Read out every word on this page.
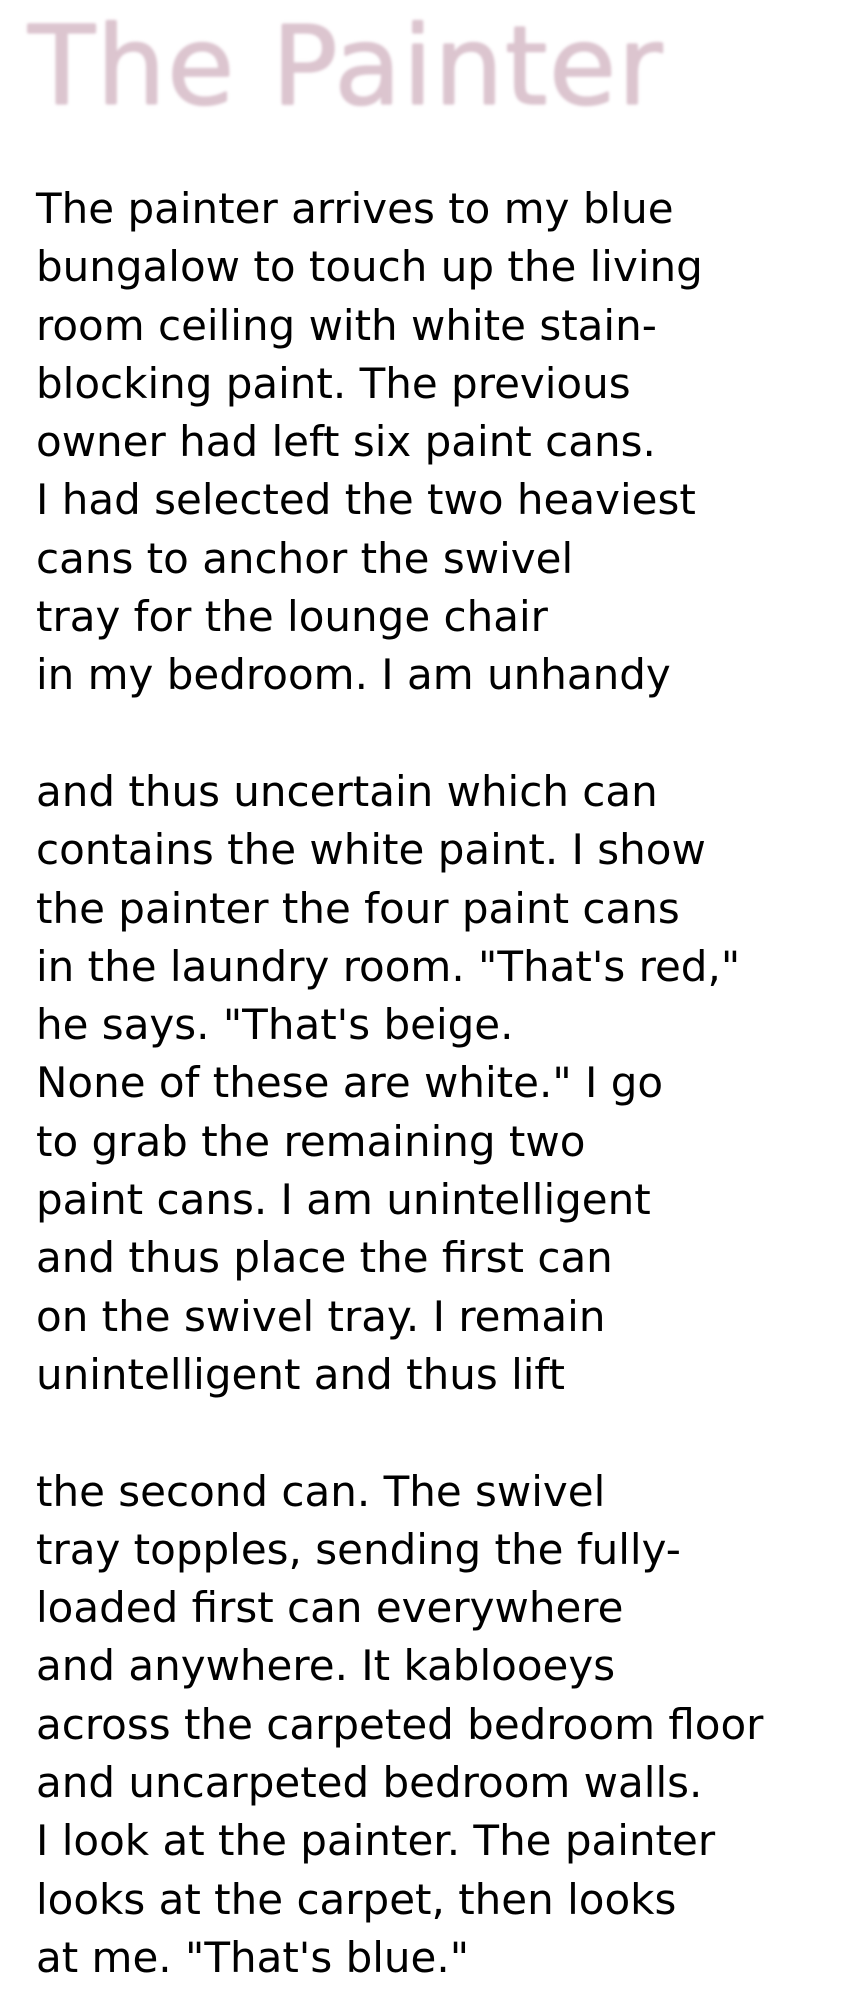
The Painter
The painter arrives to my blue
bungalow to touch up the living
room ceiling with white stain-
blocking paint. The previous
owner had left six paint cans.
I had selected the two heaviest
cans to anchor the swivel
tray for the lounge chair
in my bedroom. I am unhandy
and thus uncertain which can
contains the white paint. I show
the painter the four paint cans
in the laundry room. "That's red,"
he says. "That's beige.
None of these are white." I go
to grab the remaining two
paint cans. I am unintelligent
and thus place the first can
on the swivel tray. I remain
unintelligent and thus lift
the second can. The swivel
tray topples, sending the fully-
loaded first can everywhere
and anywhere. It kablooeys
across the carpeted bedroom floor
and uncarpeted bedroom walls.
I look at the painter. The painter
looks at the carpet, then looks
at me. "That's blue."
